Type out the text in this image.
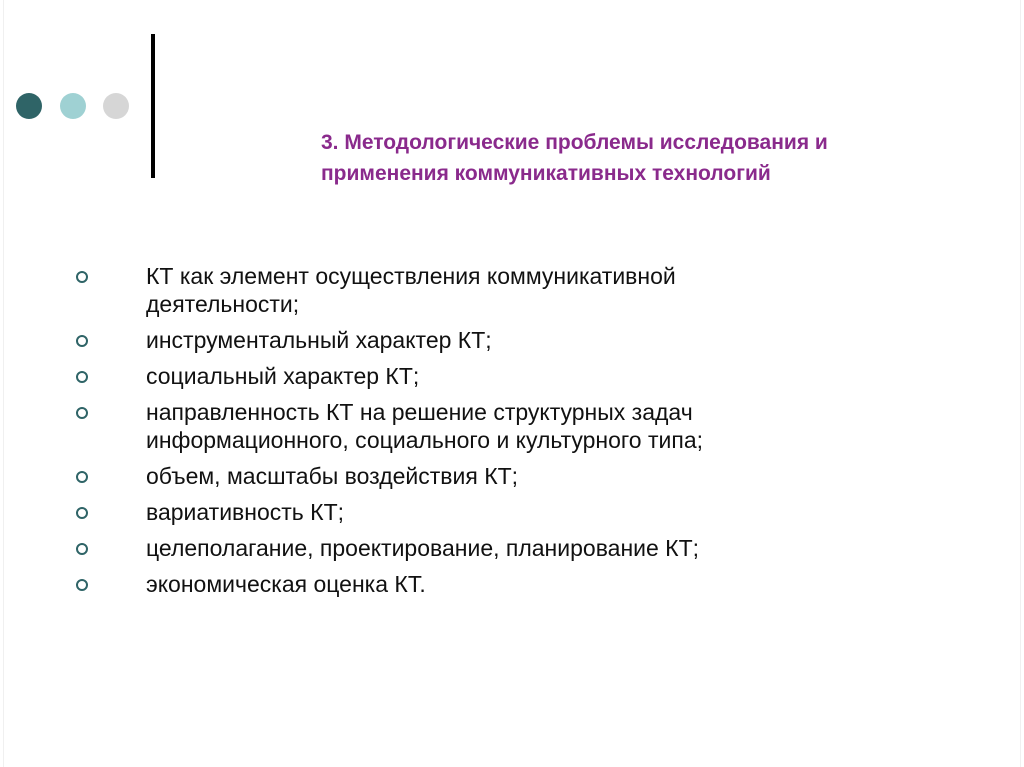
3. Методологические проблемы исследования и
применения коммуникативных технологий
КТ как элемент осуществления коммуникативной
деятельности;
инструментальный характер КТ;
социальный характер КТ;
направленность КТ на решение структурных задач
информационного, социального и культурного типа;
объем, масштабы воздействия КТ;
вариативность КТ;
целеполагание, проектирование, планирование КТ;
экономическая оценка КТ.
